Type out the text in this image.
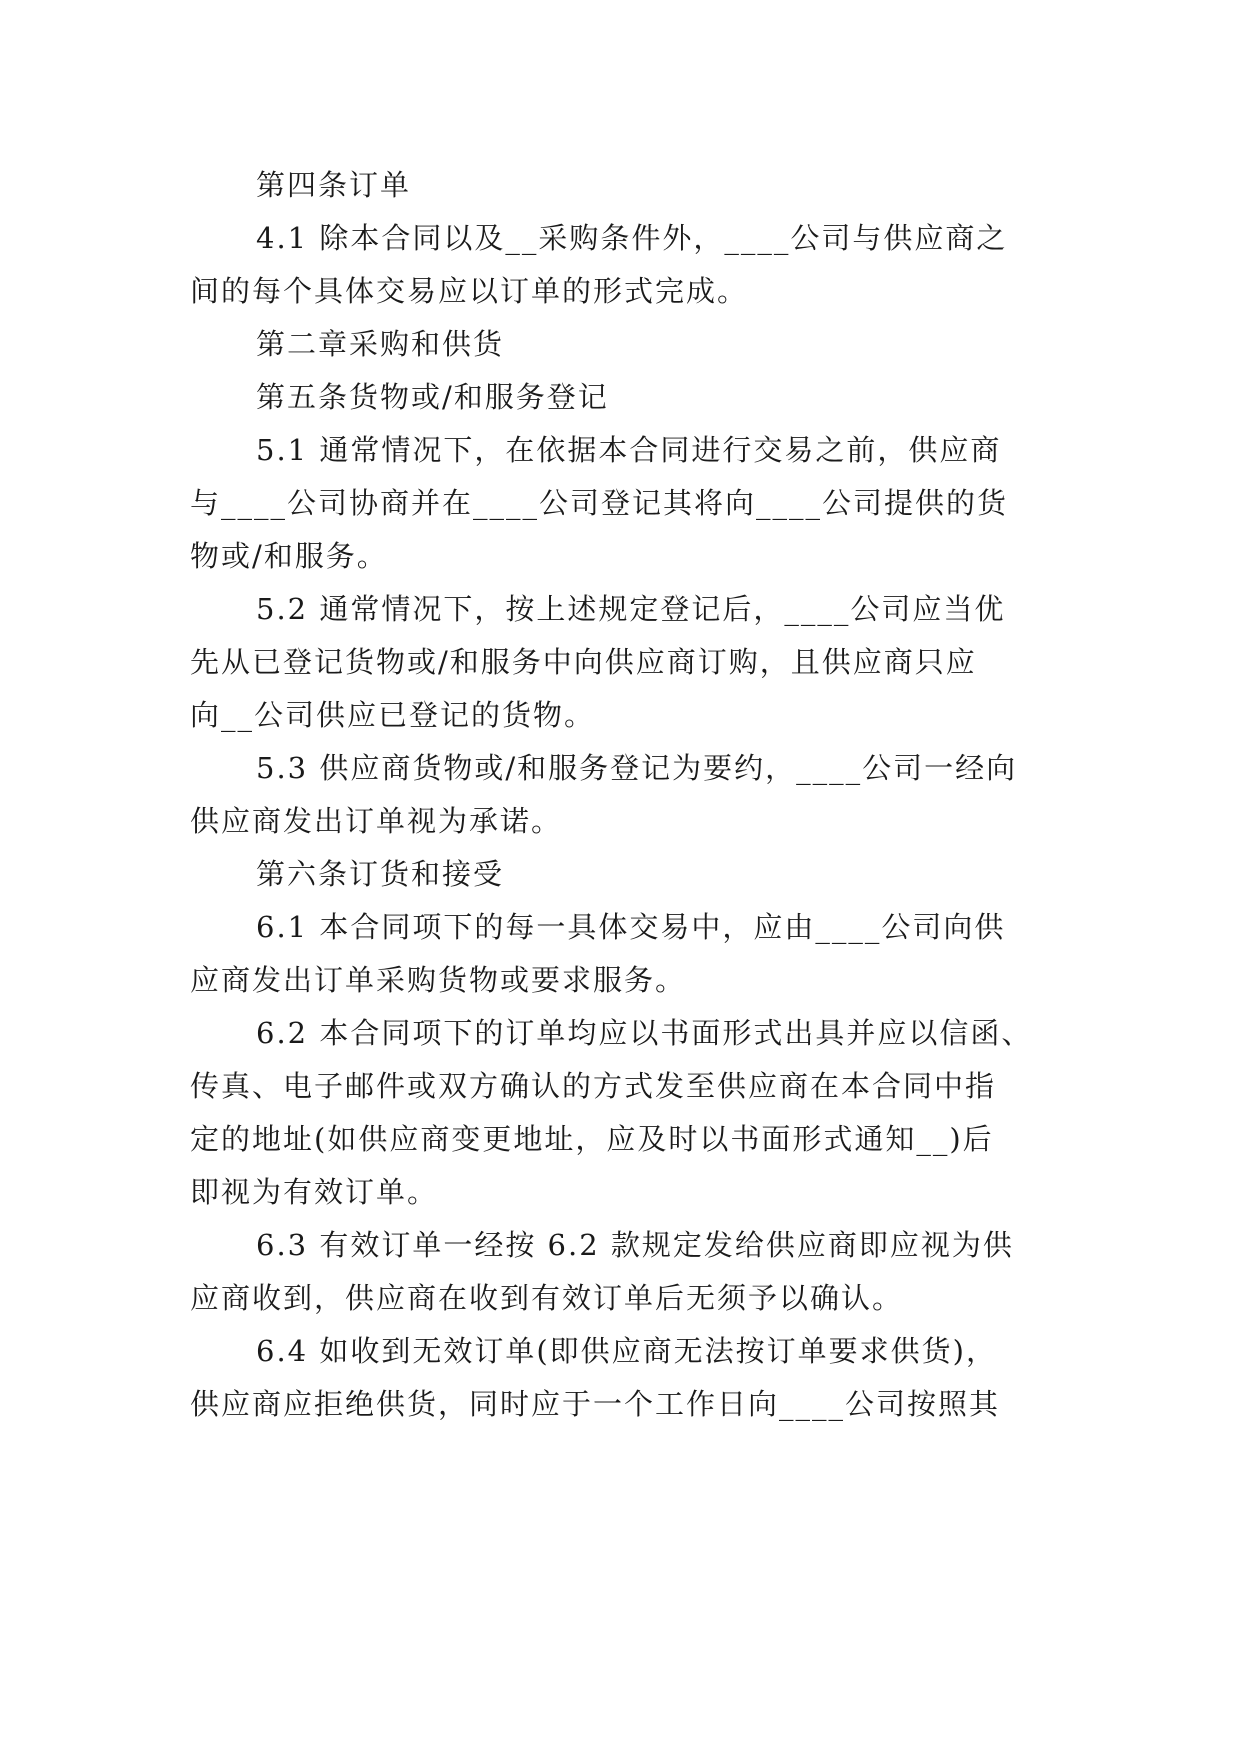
第四条订单
4.1 除本合同以及__采购条件外，____公司与供应商之
间的每个具体交易应以订单的形式完成。
第二章采购和供货
第五条货物或/和服务登记
5.1 通常情况下，在依据本合同进行交易之前，供应商
与____公司协商并在____公司登记其将向____公司提供的货
物或/和服务。
5.2 通常情况下，按上述规定登记后，____公司应当优
先从已登记货物或/和服务中向供应商订购，且供应商只应
向__公司供应已登记的货物。
5.3 供应商货物或/和服务登记为要约，____公司一经向
供应商发出订单视为承诺。
第六条订货和接受
6.1 本合同项下的每一具体交易中，应由____公司向供
应商发出订单采购货物或要求服务。
6.2 本合同项下的订单均应以书面形式出具并应以信函、
传真、电子邮件或双方确认的方式发至供应商在本合同中指
定的地址(如供应商变更地址，应及时以书面形式通知__)后
即视为有效订单。
6.3 有效订单一经按 6.2 款规定发给供应商即应视为供
应商收到，供应商在收到有效订单后无须予以确认。
6.4 如收到无效订单(即供应商无法按订单要求供货)，
供应商应拒绝供货，同时应于一个工作日向____公司按照其
